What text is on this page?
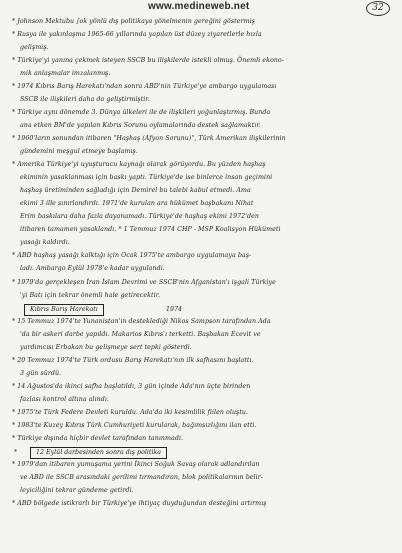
www.medineweb.net	32
* Johnson Mektubu ∫ok yönlü dış politikaya yönelmenin gereğini göstermiş
* Rusya ile yakınlaşma 1965-66 yıllarında yapılan üst düzey ziyaretlerle hızla
gelişmiş.
* Türkiye'yi yanına çekmek isteyen SSCB bu ilişkilerde istekli olmuş. Önemli ekono-
mik anlaşmalar imzalanmış.
* 1974 Kıbrıs Barış Harekatı'ndan sonra ABD'nin Türkiye'ye ambargo uygulaması
SSCB ile ilişkileri daha da geliştirmiştir.
* Türkiye aynı dönemde 3. Dünya ülkeleri ile de ilişkileri yoğunlaştırmış. Bunda
ana etken BM'de yapılan Kıbrıs Sorunu oylamalarında destek sağlamaktır.
* 1960'ların sonundan itibaren "Haşhaş (Afyon Sorunu)", Türk Amerikan ilişkilerinin
gündemini meşgul etmeye başlamış.
* Amerika Türkiye'yi uyuşturucu kaynağı olarak görüyordu. Bu yüzden haşhaş
ekiminin yasaklanması için baskı yaptı. Türkiye'de ise binlerce insan geçimini
haşhaş üretiminden sağladığı için Demirel bu talebi kabul etmedi. Ama
ekimi 3 ille sınırlandırdı. 1971'de kurulan ara hükümet başbakanı Nihat
Erim baskılara daha fazla dayanamadı. Türkiye'de haşhaş ekimi 1972'den
itibaren tamamen yasaklandı. * 1 Temmuz 1974 CHP - MSP Koalisyon Hükümeti
yasağı kaldırdı.
* ABD haşhaş yasağı kalktığı için Ocak 1975'te ambargo uygulamaya baş-
ladı. Ambargo Eylül 1978'e kadar uygulandı.
* 1979'da gerçekleşen İran İslam Devrimi ve SSCB'nin Afganistan'ı işgali Türkiye
'yi Batı için tekrar önemli hale getirecektir.
* 15 Temmuz 1974'te Yunanistan'ın desteklediği Nikos Sampson tarafından Ada
'da bir askeri darbe yapıldı. Makarios Kıbrıs'ı terketti. Başbakan Ecevit ve
yardımcısı Erbakan bu gelişmeye sert tepki gösterdi.
* 20 Temmuz 1974'te Türk ordusu Barış Harekatı'nın ilk safhasını başlattı.
3 gün sürdü.
* 14 Ağustos'da ikinci safha başlatıldı, 3 gün içinde Ada'nın üçte birinden
fazlası kontrol altına alındı.
* 1975'te Türk Federe Devleti kuruldu. Ada'da iki kesimlilik fiilen oluştu.
* 1983'te Kuzey Kıbrıs Türk Cumhuriyeti kurularak, bağımsızlığını ilan etti.
* Türkiye dışında hiçbir devlet tarafından tanınmadı.
* 1979'dan itibaren yumuşama yerini İkinci Soğuk Savaş olarak adlandırılan
ve ABD ile SSCB arasındaki gerilimi tırmandıran, blok politikalarının belir-
leyiciliğini tekrar gündeme getirdi.
* ABD bölgede istikrarlı bir Türkiye'ye ihtiyaç duyduğundan desteğini artırmış
Kıbrıs Barış Harekatı	1974
12 Eylül darbesinden sonra dış politika
*
